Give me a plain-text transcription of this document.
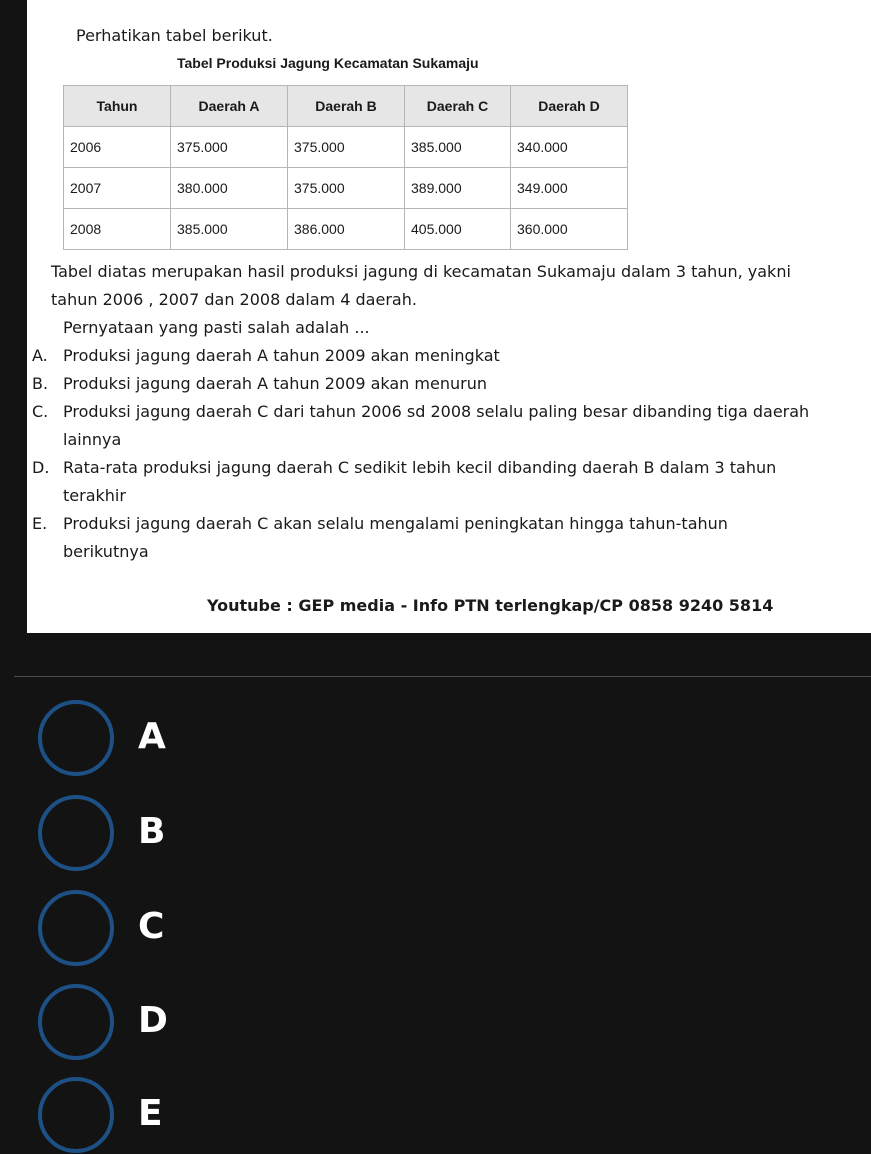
Perhatikan tabel berikut.
Tabel Produksi Jagung Kecamatan Sukamaju
Tahun	Daerah A	Daerah B	Daerah C	Daerah D
2006	375.000	375.000	385.000	340.000
2007	380.000	375.000	389.000	349.000
2008	385.000	386.000	405.000	360.000
Tabel diatas merupakan hasil produksi jagung di kecamatan Sukamaju dalam 3 tahun, yakni
tahun 2006 , 2007 dan 2008 dalam 4 daerah.
Pernyataan yang pasti salah adalah ...
A. Produksi jagung daerah A tahun 2009 akan meningkat
B. Produksi jagung daerah A tahun 2009 akan menurun
C. Produksi jagung daerah C dari tahun 2006 sd 2008 selalu paling besar dibanding tiga daerah lainnya
D. Rata-rata produksi jagung daerah C sedikit lebih kecil dibanding daerah B dalam 3 tahun terakhir
E. Produksi jagung daerah C akan selalu mengalami peningkatan hingga tahun-tahun berikutnya
Youtube : GEP media - Info PTN terlengkap/CP 0858 9240 5814
A
B
C
D
E
